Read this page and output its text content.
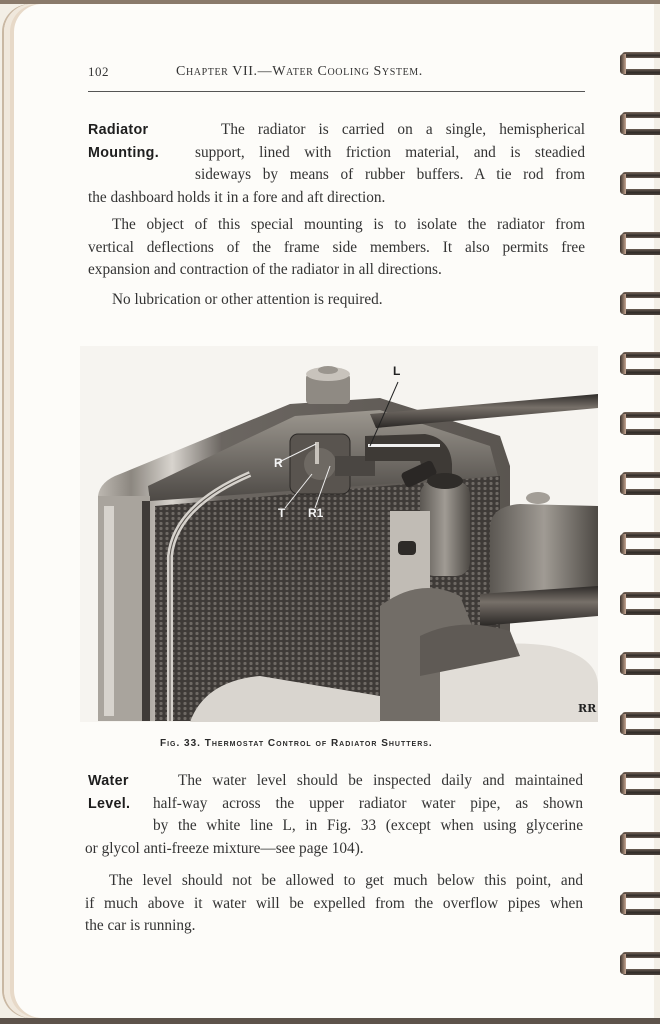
102	Chapter VII.—Water Cooling System.
Radiator
Mounting.
The radiator is carried on a single, hemispherical
support, lined with friction material, and is steadied
sideways by means of rubber buffers. A tie rod from
the dashboard holds it in a fore and aft direction.
The object of this special mounting is to isolate the radiator from
vertical deflections of the frame side members. It also permits free
expansion and contraction of the radiator in all directions.
No lubrication or other attention is required.
L
R
T R1
RR
Fig. 33. Thermostat Control of Radiator Shutters.
Water
Level.
The water level should be inspected daily and maintained
half-way across the upper radiator water pipe, as shown
by the white line L, in Fig. 33 (except when using glycerine
or glycol anti-freeze mixture—see page 104).
The level should not be allowed to get much below this point, and
if much above it water will be expelled from the overflow pipes when
the car is running.
